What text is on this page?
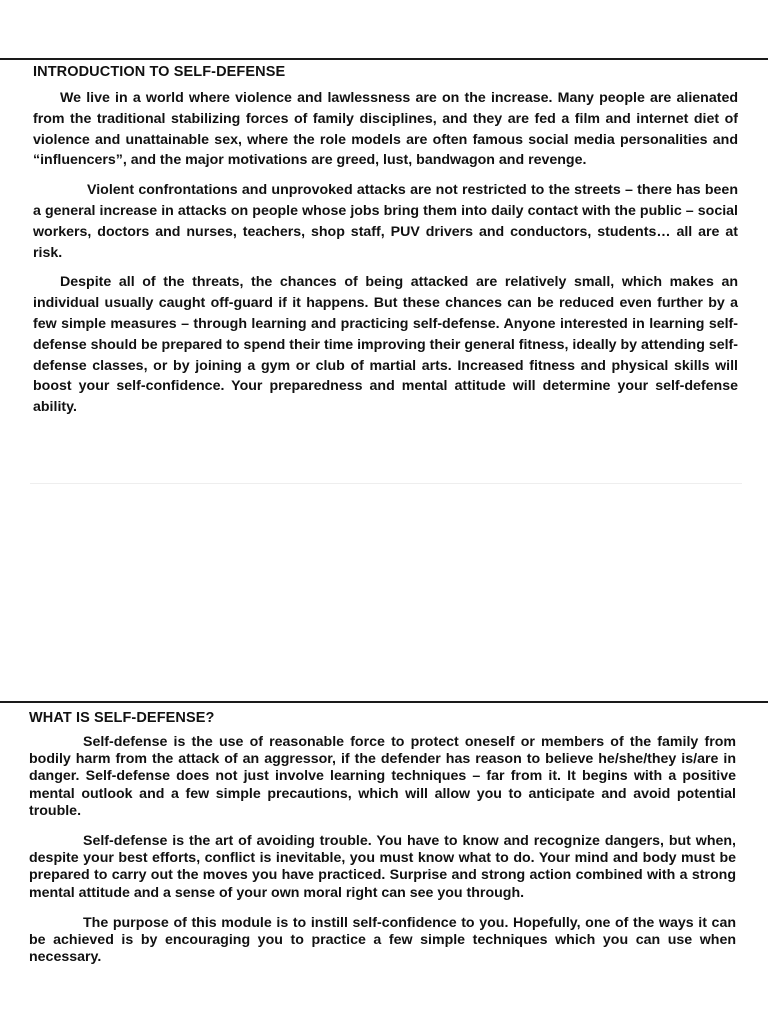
INTRODUCTION TO SELF-DEFENSE

We live in a world where violence and lawlessness are on the increase. Many people are alienated from the traditional stabilizing forces of family disciplines, and they are fed a film and internet diet of violence and unattainable sex, where the role models are often famous social media personalities and “influencers”, and the major motivations are greed, lust, bandwagon and revenge.

Violent confrontations and unprovoked attacks are not restricted to the streets – there has been a general increase in attacks on people whose jobs bring them into daily contact with the public – social workers, doctors and nurses, teachers, shop staff, PUV drivers and conductors, students… all are at risk.

Despite all of the threats, the chances of being attacked are relatively small, which makes an individual usually caught off-guard if it happens. But these chances can be reduced even further by a few simple measures – through learning and practicing self-defense. Anyone interested in learning self-defense should be prepared to spend their time improving their general fitness, ideally by attending self-defense classes, or by joining a gym or club of martial arts. Increased fitness and physical skills will boost your self-confidence. Your preparedness and mental attitude will determine your self-defense ability.

WHAT IS SELF-DEFENSE?

Self-defense is the use of reasonable force to protect oneself or members of the family from bodily harm from the attack of an aggressor, if the defender has reason to believe he/she/they is/are in danger. Self-defense does not just involve learning techniques – far from it. It begins with a positive mental outlook and a few simple precautions, which will allow you to anticipate and avoid potential trouble.

Self-defense is the art of avoiding trouble. You have to know and recognize dangers, but when, despite your best efforts, conflict is inevitable, you must know what to do. Your mind and body must be prepared to carry out the moves you have practiced. Surprise and strong action combined with a strong mental attitude and a sense of your own moral right can see you through.

The purpose of this module is to instill self-confidence to you. Hopefully, one of the ways it can be achieved is by encouraging you to practice a few simple techniques which you can use when necessary.
